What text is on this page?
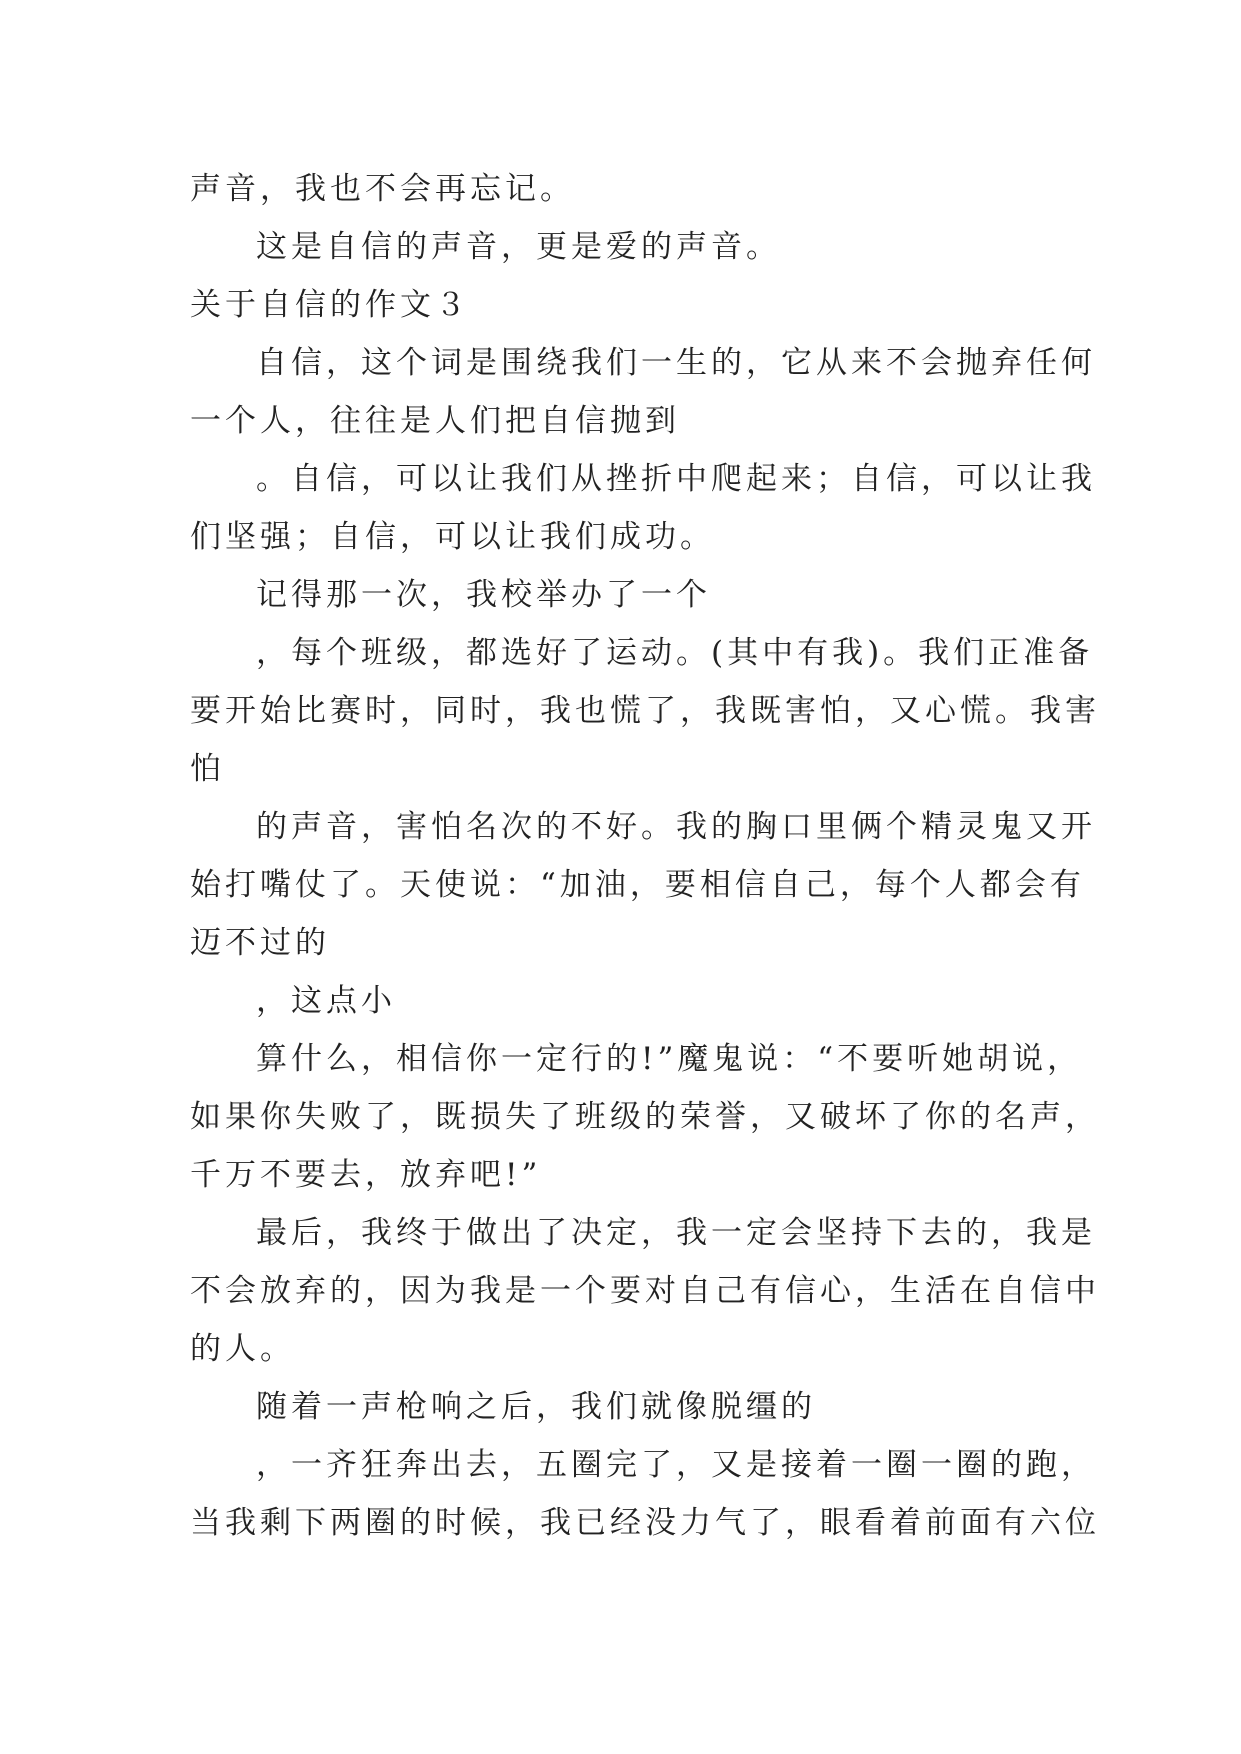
声音，我也不会再忘记。
这是自信的声音，更是爱的声音。
关于自信的作文３
自信，这个词是围绕我们一生的，它从来不会抛弃任何
一个人，往往是人们把自信抛到
。自信，可以让我们从挫折中爬起来；自信，可以让我
们坚强；自信，可以让我们成功。
记得那一次，我校举办了一个
，每个班级，都选好了运动。(其中有我)。我们正准备
要开始比赛时，同时，我也慌了，我既害怕，又心慌。我害
怕
的声音，害怕名次的不好。我的胸口里俩个精灵鬼又开
始打嘴仗了。天使说：“加油，要相信自己，每个人都会有
迈不过的
，这点小
算什么，相信你一定行的!”魔鬼说：“不要听她胡说，
如果你失败了，既损失了班级的荣誉，又破坏了你的名声，
千万不要去，放弃吧!”
最后，我终于做出了决定，我一定会坚持下去的，我是
不会放弃的，因为我是一个要对自己有信心，生活在自信中
的人。
随着一声枪响之后，我们就像脱缰的
，一齐狂奔出去，五圈完了，又是接着一圈一圈的跑，
当我剩下两圈的时候，我已经没力气了，眼看着前面有六位
